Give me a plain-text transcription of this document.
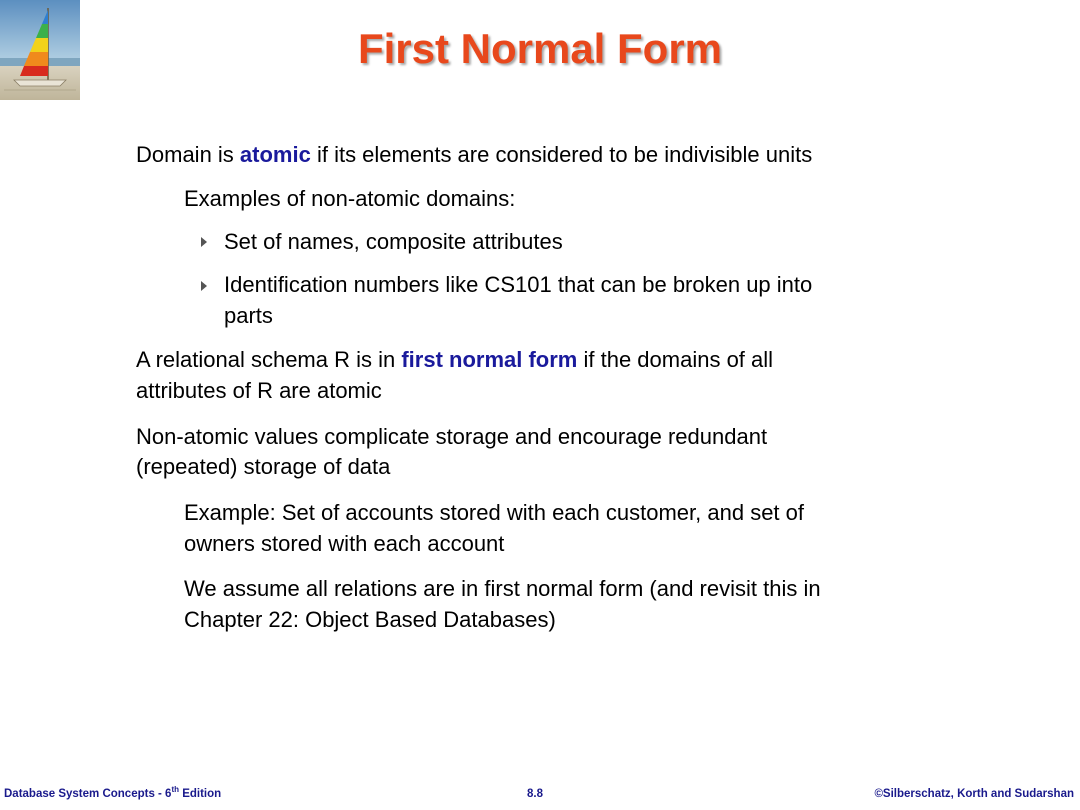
First Normal Form

Domain is atomic if its elements are considered to be indivisible units

Examples of non-atomic domains:

Set of names, composite attributes

Identification numbers like CS101 that can be broken up into

parts

A relational schema R is in first normal form if the domains of all

attributes of R are atomic

Non-atomic values complicate storage and encourage redundant

(repeated) storage of data

Example: Set of accounts stored with each customer, and set of

owners stored with each account

We assume all relations are in first normal form (and revisit this in

Chapter 22: Object Based Databases)

Database System Concepts - 6th Edition	8.8	©Silberschatz, Korth and Sudarshan
